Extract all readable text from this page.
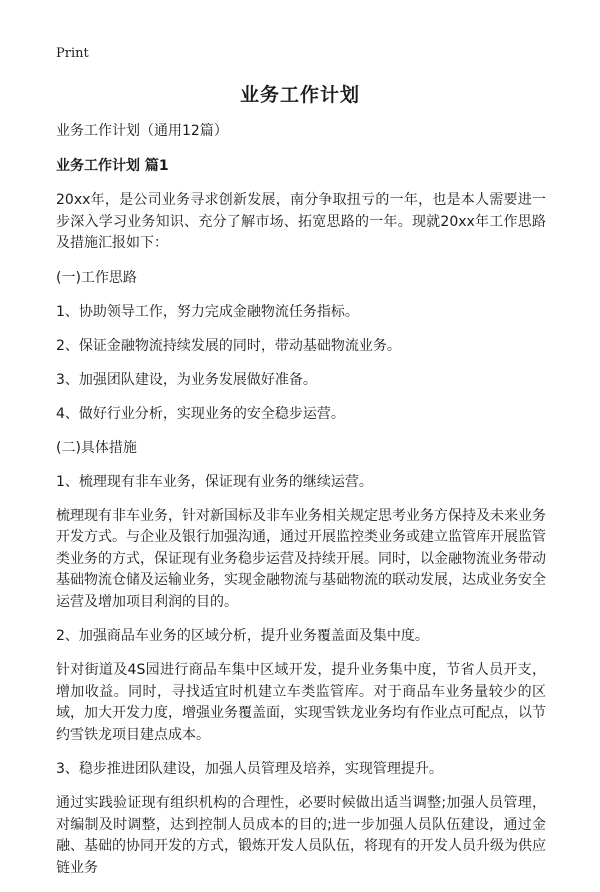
Print
业务工作计划

业务工作计划（通用12篇）

业务工作计划 篇1

20xx年，是公司业务寻求创新发展，南分争取扭亏的一年，也是本人需要进一步深入学习业务知识、充分了解市场、拓宽思路的一年。现就20xx年工作思路及措施汇报如下：

(一)工作思路

1、协助领导工作，努力完成金融物流任务指标。

2、保证金融物流持续发展的同时，带动基础物流业务。

3、加强团队建设，为业务发展做好准备。

4、做好行业分析，实现业务的安全稳步运营。

(二)具体措施

1、梳理现有非车业务，保证现有业务的继续运营。

梳理现有非车业务，针对新国标及非车业务相关规定思考业务方保持及未来业务开发方式。与企业及银行加强沟通，通过开展监控类业务或建立监管库开展监管类业务的方式，保证现有业务稳步运营及持续开展。同时，以金融物流业务带动基础物流仓储及运输业务，实现金融物流与基础物流的联动发展，达成业务安全运营及增加项目利润的目的。

2、加强商品车业务的区域分析，提升业务覆盖面及集中度。

针对街道及4S园进行商品车集中区域开发，提升业务集中度，节省人员开支，增加收益。同时，寻找适宜时机建立车类监管库。对于商品车业务量较少的区域，加大开发力度，增强业务覆盖面，实现雪铁龙业务均有作业点可配点，以节约雪铁龙项目建点成本。

3、稳步推进团队建设，加强人员管理及培养，实现管理提升。

通过实践验证现有组织机构的合理性，必要时候做出适当调整;加强人员管理，对编制及时调整，达到控制人员成本的目的;进一步加强人员队伍建设，通过金融、基础的协同开发的方式，锻炼开发人员队伍，将现有的开发人员升级为供应链业务
